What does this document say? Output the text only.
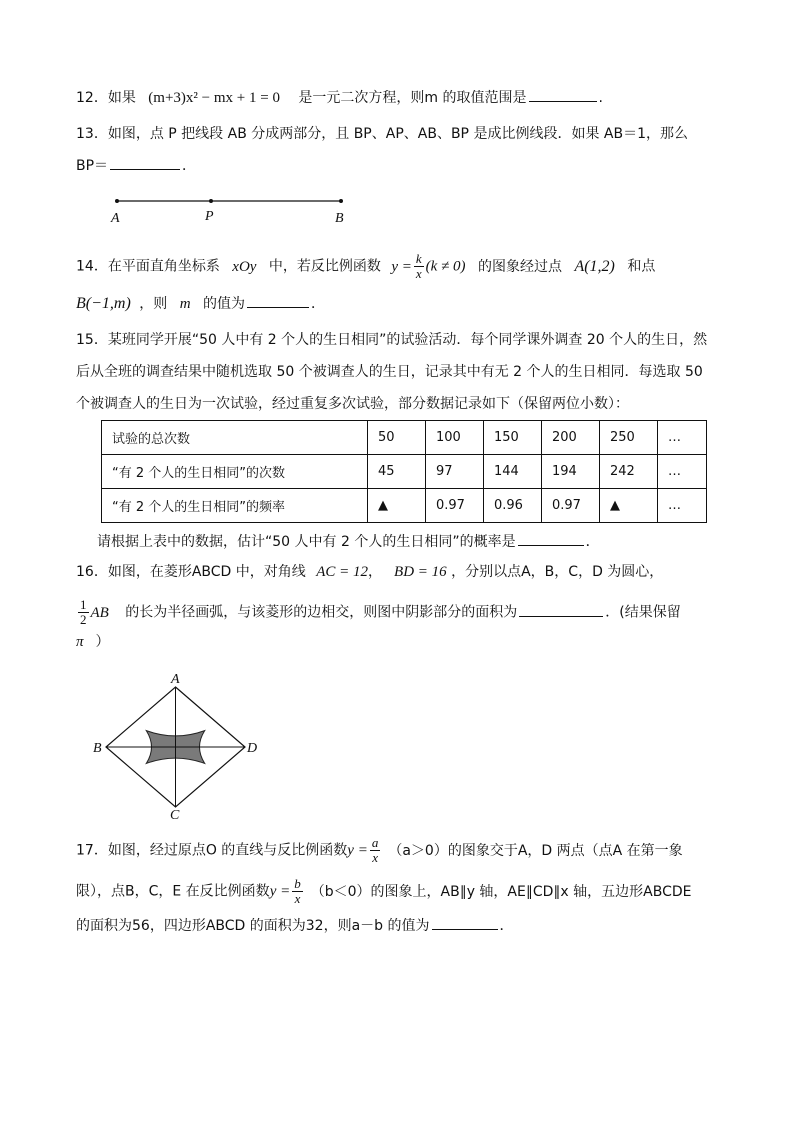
12．如果 (m+3)x² − mx + 1 = 0 是一元二次方程，则m 的取值范围是	.
13．如图，点 P 把线段 AB 分成两部分，且 BP、AP、AB、BP 是成比例线段．如果 AB＝1，那么
BP＝	．
A	P	B
14．在平面直角坐标系 xOy 中，若反比例函数 $y = \frac{k}{x} (k \ne 0)$ 的图象经过点 A(1,2) 和点
B(−1,m) ，则 m 的值为	．
15．某班同学开展“50 人中有 2 个人的生日相同”的试验活动．每个同学课外调查 20 个人的生日，然
后从全班的调查结果中随机选取 50 个被调查人的生日，记录其中有无 2 个人的生日相同．每选取 50
个被调查人的生日为一次试验，经过重复多次试验，部分数据记录如下（保留两位小数）：
试验的总次数	50	100	150	200	250	…
“有 2 个人的生日相同”的次数	45	97	144	194	242	…
“有 2 个人的生日相同”的频率	▲	0.97	0.96	0.97	▲	…
请根据上表中的数据，估计“50 人中有 2 个人的生日相同”的概率是	．
16．如图，在菱形ABCD 中，对角线 AC = 12， BD = 16 ，分别以点A，B，C，D 为圆心，
$\frac{1}{2}$ AB 的长为半径画弧，与该菱形的边相交，则图中阴影部分的面积为	．(结果保留
π ）
A
B
C
D
17．如图，经过原点O 的直线与反比例函数$y = \frac{a}{x} (a>0)$的图象交于A，D 两点（点A 在第一象
限），点B，C，E 在反比例函数$y = \frac{b}{x} (b<0)$的图象上，AB∥y 轴，AE∥CD∥x 轴，五边形ABCDE
的面积为56，四边形ABCD 的面积为32，则a－b 的值为	．
